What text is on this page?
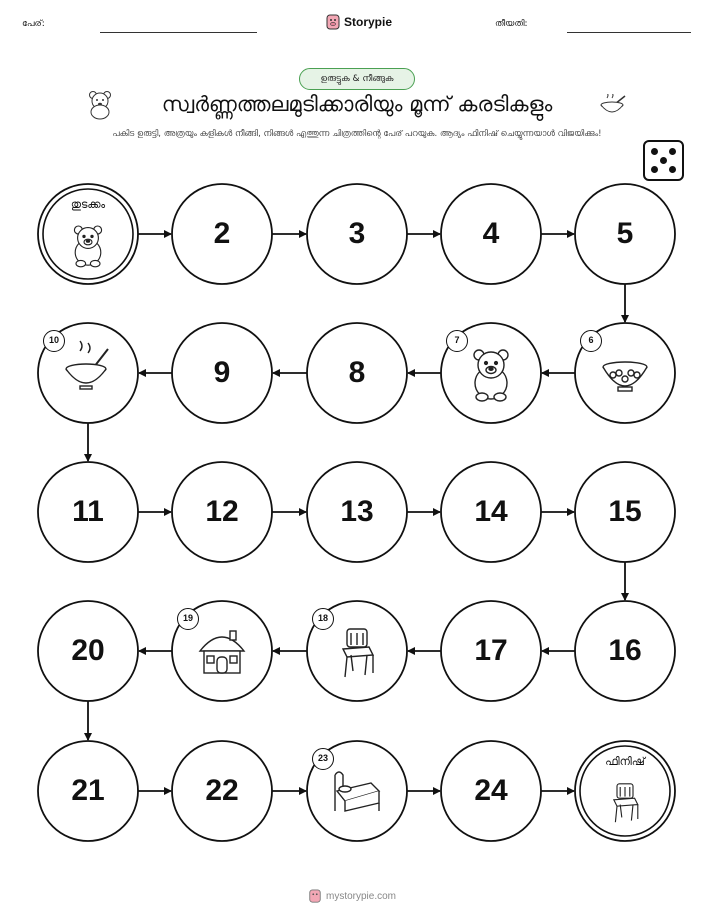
പേര്:	Storypie	തീയതി:
ഉരുട്ടുക & നീങ്ങുക
സ്വർണ്ണത്തലമുടിക്കാരിയും മൂന്ന് കരടികളും
പകിട ഉരുട്ടി, അത്രയും കളികൾ നീങ്ങി, നിങ്ങൾ എത്തുന്ന ചിത്രത്തിന്റെ പേര് പറയുക. ആദ്യം ഫിനിഷ് ചെയ്യുന്നയാൾ വിജയിക്കും!
തുടക്കം
2	3	4	5
6
7
8
9
10
11	12	13	14	15
16
17
18
19
20
21	22
23
24
ഫിനിഷ്
mystorypie.com
